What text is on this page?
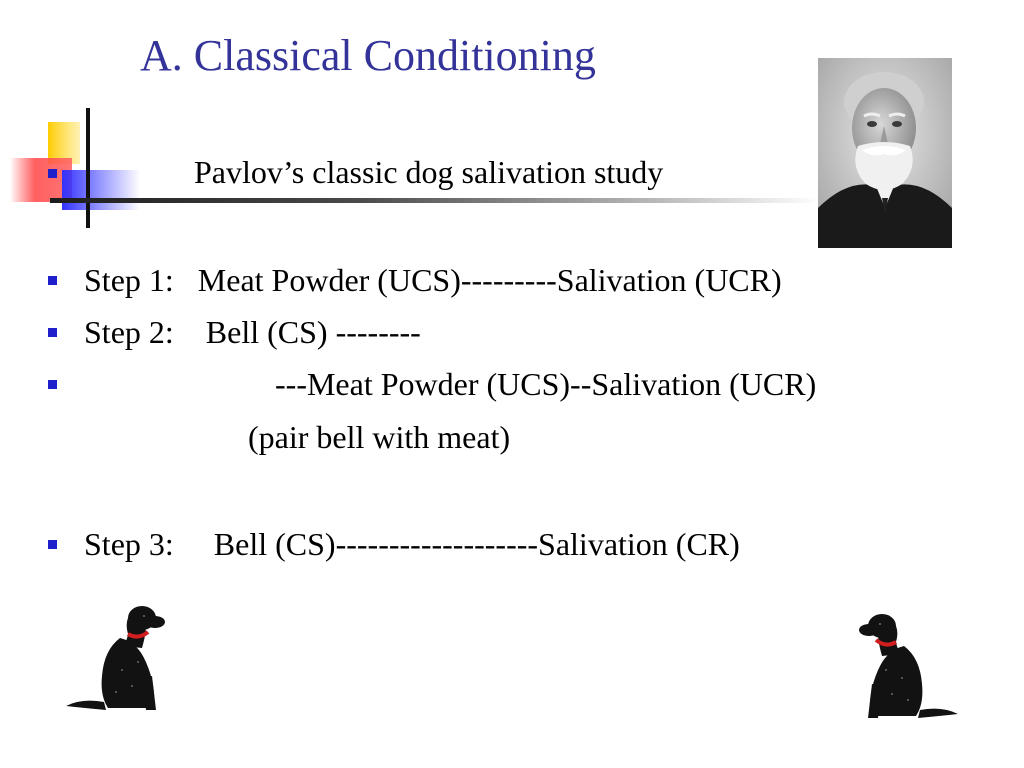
A. Classical Conditioning
Pavlov’s classic dog salivation study
Step 1:   Meat Powder (UCS)---------Salivation (UCR)
Step 2:    Bell (CS) --------
---Meat Powder (UCS)--Salivation (UCR)
(pair bell with meat)
Step 3:     Bell (CS)-------------------Salivation (CR)
